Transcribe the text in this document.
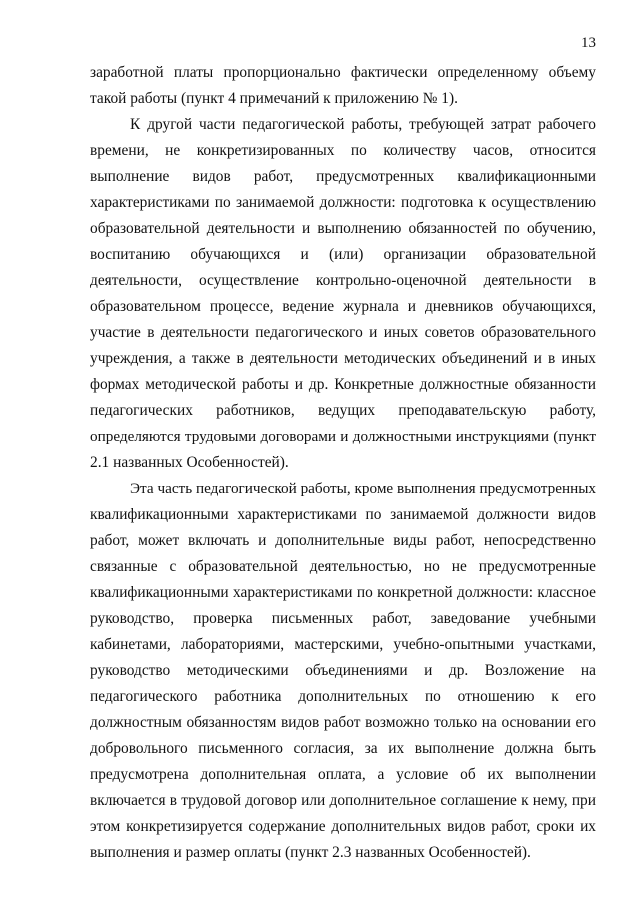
13
заработной платы пропорционально фактически определенному объему
такой работы (пункт 4 примечаний к приложению № 1).
К другой части педагогической работы, требующей затрат рабочего
времени, не конкретизированных по количеству часов, относится
выполнение видов работ, предусмотренных квалификационными
характеристиками по занимаемой должности: подготовка к осуществлению
образовательной деятельности и выполнению обязанностей по обучению,
воспитанию обучающихся и (или) организации образовательной
деятельности, осуществление контрольно-оценочной деятельности в
образовательном процессе, ведение журнала и дневников обучающихся,
участие в деятельности педагогического и иных советов образовательного
учреждения, а также в деятельности методических объединений и в иных
формах методической работы и др. Конкретные должностные обязанности
педагогических работников, ведущих преподавательскую работу,
определяются трудовыми договорами и должностными инструкциями (пункт
2.1 названных Особенностей).
Эта часть педагогической работы, кроме выполнения предусмотренных
квалификационными характеристиками по занимаемой должности видов
работ, может включать и дополнительные виды работ, непосредственно
связанные с образовательной деятельностью, но не предусмотренные
квалификационными характеристиками по конкретной должности: классное
руководство, проверка письменных работ, заведование учебными
кабинетами, лабораториями, мастерскими, учебно-опытными участками,
руководство методическими объединениями и др. Возложение на
педагогического работника дополнительных по отношению к его
должностным обязанностям видов работ возможно только на основании его
добровольного письменного согласия, за их выполнение должна быть
предусмотрена дополнительная оплата, а условие об их выполнении
включается в трудовой договор или дополнительное соглашение к нему, при
этом конкретизируется содержание дополнительных видов работ, сроки их
выполнения и размер оплаты (пункт 2.3 названных Особенностей).
